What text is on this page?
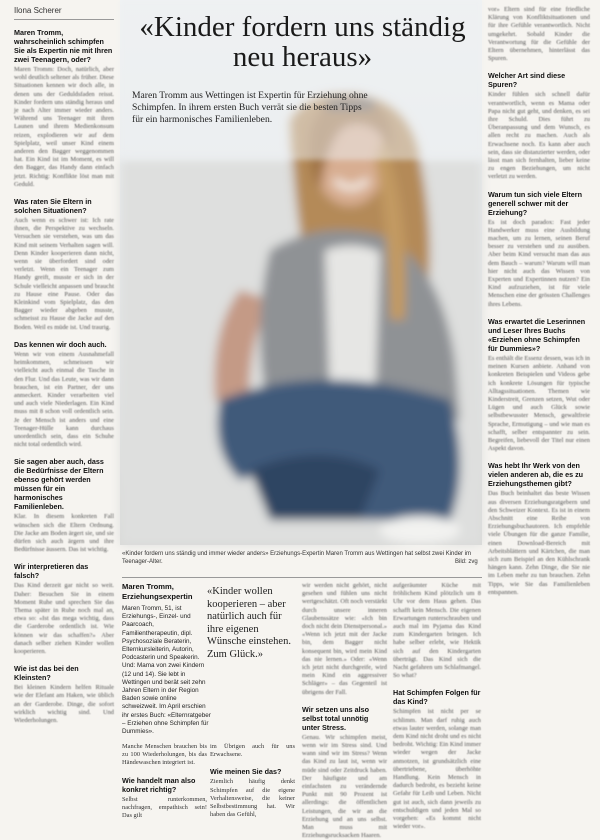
Ilona Scherer
Maren Tromm, wahrscheinlich schimpfen Sie als Expertin nie mit Ihren zwei Teenagern, oder?
Maren Tromm: Doch, natürlich, aber wohl deutlich seltener als früher. Diese Situationen kennen wir doch alle, in denen uns der Geduldsfaden reisst. Kinder fordern uns ständig heraus und je nach Alter immer wieder anders. Während uns Teenager mit ihren Launen und ihrem Medienkonsum reizen, explodieren wir auf dem Spielplatz, weil unser Kind einem anderen den Bagger weggenommen hat. Ein Kind ist im Moment, es will den Bagger, das Handy dann einfach jetzt. Richtig: Konflikte löst man mit Geduld.
Was raten Sie Eltern in solchen Situationen?
Auch wenn es schwer ist: Ich rate ihnen, die Perspektive zu wechseln. Versuchen sie verstehen, was um das Kind mit seinem Verhalten sagen will. Denn Kinder kooperieren dann nicht, wenn sie überfordert sind oder verletzt. Wenn ein Teenager zum Handy greift, musste er sich in der Schule vielleicht anpassen und braucht zu Hause eine Pause. Oder das Kleinkind vom Spielplatz, das den Bagger wieder abgeben musste, schmeisst zu Hause die Jacke auf den Boden. Weil es müde ist. Und traurig.
Das kennen wir doch auch.
Wenn wir von einem Ausnahmefall heimkommen, schmeissen wir vielleicht auch einmal die Tasche in den Flur. Und das Leute, was wir dann brauchen, ist ein Partner, der uns anmeckert. Kinder verarbeiten viel und auch viele Niederlagen. Ein Kind muss mit 8 schon voll ordentlich sein. Je der Mensch ist anders und eine Teenager-Hülle kann durchaus unordentlich sein, dass ein Schuhe nicht total ordentlich wird.
Sie sagen aber auch, dass die Bedürfnisse der Eltern ebenso gehört werden müssen für ein harmonisches Familienleben.
Klar. In diesem konkreten Fall wünschen sich die Eltern Ordnung. Die Jacke am Boden ärgert sie, und sie dürfen sich auch ärgern und ihre Bedürfnisse äussern. Das ist wichtig.
Wir interpretieren das falsch?
Das Kind derzeit gar nicht so weit. Daher: Besuchen Sie in einem Moment Ruhe und sprechen Sie das Thema später in Ruhe noch mal an, etwa so: «Ist das mega wichtig, dass die Garderobe ordentlich ist. Wie können wir das schaffen?» Aber danach selber ziehen Kinder wollen kooperieren.
Wie ist das bei den Kleinsten?
Bei kleinen Kindern helfen Rituale wie der Elefant am Haken, wie üblich an der Garderobe. Dinge, die sofort wirklich wichtig sind. Und Wiederholungen.
«Kinder fordern uns ständig neu heraus»
Maren Tromm aus Wettingen ist Expertin für Erziehung ohne Schimpfen. In ihrem ersten Buch verrät sie die besten Tipps für ein harmonisches Familienleben.
«Kinder fordern uns ständig und immer wieder anders» Erziehungs-Expertin Maren Tromm aus Wettingen hat selbst zwei Kinder im Teenager-Alter.	Bild: zvg
Maren Tromm, Erziehungsexpertin
Maren Tromm, 51, ist Erziehungs-, Einzel- und Paarcoach, Familientherapeutin, dipl. Psychosoziale Beraterin, Elternkursleiterin, Autorin, Podcasterin und Speakerin. Und: Mama von zwei Kindern (12 und 14). Sie lebt in Wettingen und berät seit zehn Jahren Eltern in der Region Baden sowie online schweizweit. Im April erschien ihr erstes Buch: «Elternratgeber – Erziehen ohne Schimpfen für Dummies».
«Kinder wollen kooperieren – aber natürlich auch für ihre eigenen Wünsche einstehen. Zum Glück.»
Manche Menschen brauchen bis zu 100 Wiederholungen, bis das Händewaschen integriert ist.
Wie handelt man also konkret richtig?
Selbst runterkommen, nachfragen, empathisch sein! Das gilt
im Übrigen auch für uns Erwachsene.
Wie meinen Sie das?
Ziemlich häufig denkt Schimpfen auf die eigene Verhaltensweise, die keiner Selbstbestimmung hat. Wir haben das Gefühl,
wir werden nicht gehört, nicht gesehen und fühlen uns nicht wertgeschätzt. Oft noch verstärkt durch unsere inneren Glaubenssätze wie: «Ich bin doch nicht dein Dienstpersonal.» «Wenn ich jetzt mit der Jacke bin, dem Bagger nicht konsequent bin, wird mein Kind das nie lernen.» Oder: «Wenn ich jetzt nicht durchgreife, wird mein Kind ein aggressiver Schläger» – das Gegenteil ist übrigens der Fall.
Wir setzen uns also selbst total unnötig unter Stress.
Genau. Wir schimpfen meist, wenn wir im Stress sind. Und wann sind wir im Stress? Wenn das Kind zu laut ist, wenn wir müde sind oder Zeitdruck haben. Der häufigste und am einfachsten zu verändernde Punkt mit 90 Prozent ist allerdings: die öffentlichen Leistungen, die wir an die Erziehung und an uns selbst. Man muss mit Erziehungsrucksacken Haaren.
aufgeräumter Küche mit fröhlichem Kind plötzlich um 8 Uhr vor dem Haus gehen. Das schafft kein Mensch. Die eigenen Erwartungen runterschrauben und auch mal im Pyjama das Kind zum Kindergarten bringen. Ich habe selber erlebt, wie Hektik sich auf den Kindergarten überträgt. Das Kind sich die Nacht gefahren um Schlafmangel. So what?
Hat Schimpfen Folgen für das Kind?
Schimpfen ist nicht per se schlimm. Man darf ruhig auch etwas lauter werden, solange man dem Kind nicht droht und es nicht bedroht. Wichtig: Ein Kind immer wieder wegen der Jacke anmotzen, ist grundsätzlich eine übertriebene, überhöhte Handlung. Kein Mensch in dadurch bedroht, es bezieht keine Gefahr für Leib und Leben. Nicht gut ist auch, sich dann jeweils zu entschuldigen und jeden Mal so vorgehen: «Es kommt nicht wieder vor».
vor» Eltern sind für eine friedliche Klärung von Konfliktsituationen und für ihre Gefühle verantwortlich. Nicht umgekehrt. Sobald Kinder die Verantwortung für die Gefühle der Eltern übernehmen, hinterlässt das Spuren.
Welcher Art sind diese Spuren?
Kinder fühlen sich schnell dafür verantwortlich, wenn es Mama oder Papa nicht gut geht, und denken, es sei ihre Schuld. Dies führt zu Überanpassung und dem Wunsch, es allen recht zu machen. Auch als Erwachsene noch. Es kann aber auch sein, dass sie distanzierter werden, oder lässt man sich fernhalten, lieber keine zu engen Beziehungen, um nicht verletzt zu werden.
Warum tun sich viele Eltern generell schwer mit der Erziehung?
Es ist doch paradox: Fast jeder Handwerker muss eine Ausbildung machen, um zu lernen, seinen Beruf besser zu verstehen und zu ausüben. Aber beim Kind versucht man das aus dem Bauch – warum? Warum will man hier nicht auch das Wissen von Experten und Expertinnen nutzen? Ein Kind aufzuziehen, ist für viele Menschen eine der grössten Challenges ihres Lebens.
Was erwartet die Leserinnen und Leser Ihres Buchs «Erziehen ohne Schimpfen für Dummies»?
Es enthält die Essenz dessen, was ich in meinen Kursen anbiete. Anhand von konkreten Beispielen und Videos gebe ich konkrete Lösungen für typische Alltagssituationen. Themen wie Kinderstreit, Grenzen setzen, Wut oder Lügen und auch Glück sowie selbstbewusster Mensch, gewaltfreie Sprache, Ermutigung – und wie man es schafft, selber entspannter zu sein. Begreifen, liebevoll der Titel nur einen Aspekt davon.
Was hebt Ihr Werk von den vielen anderen ab, die es zu Erziehungsthemen gibt?
Das Buch beinhaltet das beste Wissen aus diversen Erziehungsratgebern und den Schweizer Kontext. Es ist in einem Abschnitt eine Reihe von Erziehungsbuchautoren. Ich empfehle viele Übungen für die ganze Familie, einen Download-Bereich mit Arbeitsblättern und Kärtchen, die man sich zum Beispiel an den Kühlschrank hängen kann. Zehn Dinge, die Sie nie im Leben mehr zu tun brauchen. Zehn Tipps, wie Sie das Familienleben entspannen.
